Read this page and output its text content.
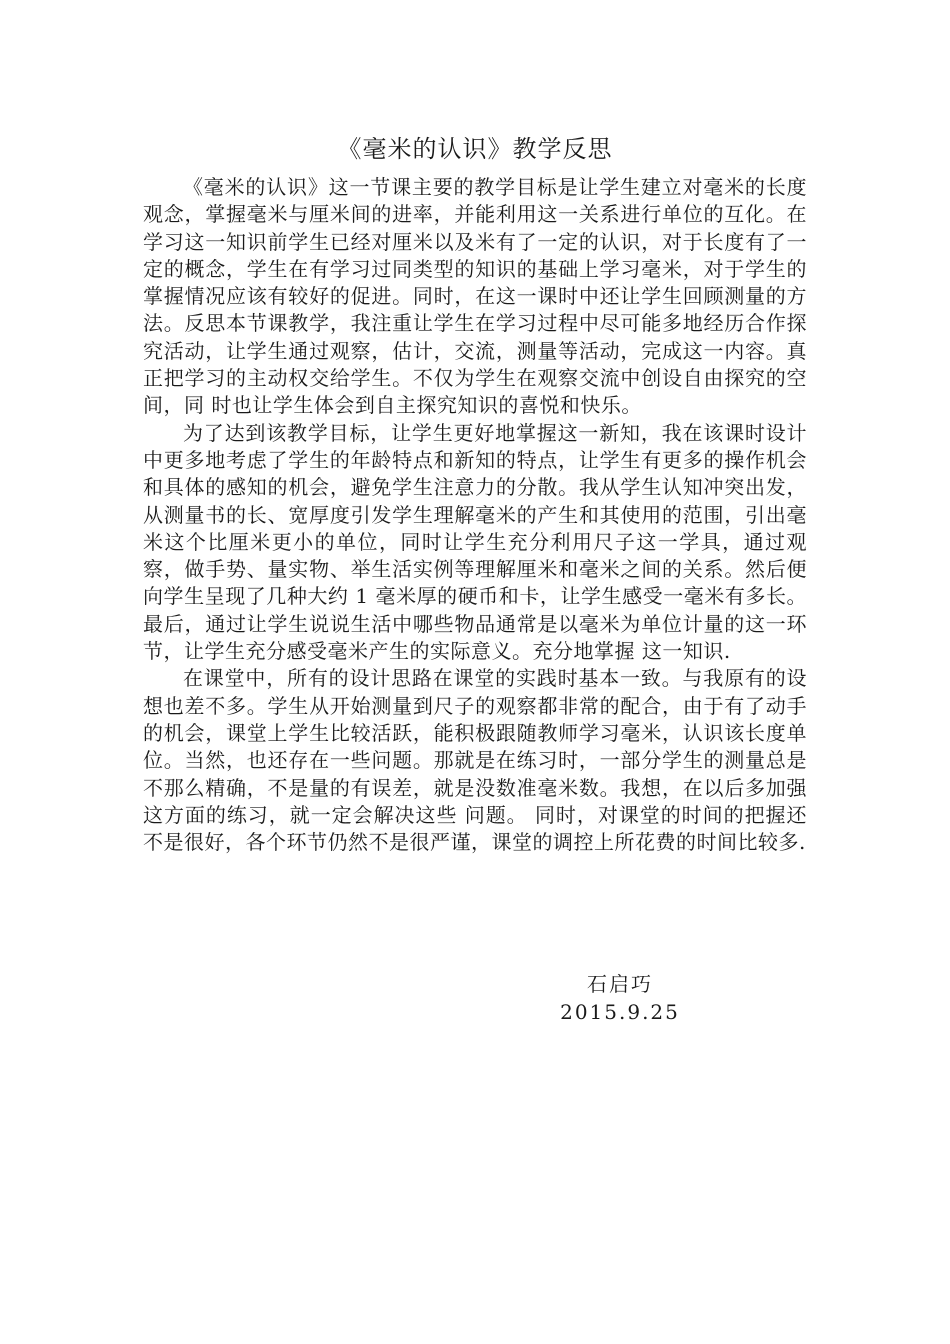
《毫米的认识》教学反思

《毫米的认识》这一节课主要的教学目标是让学生建立对毫米的长度观念，掌握毫米与厘米间的进率，并能利用这一关系进行单位的互化。在学习这一知识前学生已经对厘米以及米有了一定的认识，对于长度有了一定的概念，学生在有学习过同类型的知识的基础上学习毫米，对于学生的掌握情况应该有较好的促进。同时，在这一课时中还让学生回顾测量的方法。反思本节课教学，我注重让学生在学习过程中尽可能多地经历合作探究活动，让学生通过观察，估计，交流，测量等活动，完成这一内容。真正把学习的主动权交给学生。不仅为学生在观察交流中创设自由探究的空间，同 时也让学生体会到自主探究知识的喜悦和快乐。

为了达到该教学目标，让学生更好地掌握这一新知，我在该课时设计中更多地考虑了学生的年龄特点和新知的特点，让学生有更多的操作机会和具体的感知的机会，避免学生注意力的分散。我从学生认知冲突出发，从测量书的长、宽厚度引发学生理解毫米的产生和其使用的范围，引出毫米这个比厘米更小的单位，同时让学生充分利用尺子这一学具，通过观察，做手势、量实物、举生活实例等理解厘米和毫米之间的关系。然后便向学生呈现了几种大约 1 毫米厚的硬币和卡，让学生感受一毫米有多长。最后，通过让学生说说生活中哪些物品通常是以毫米为单位计量的这一环节，让学生充分感受毫米产生的实际意义。充分地掌握 这一知识.

在课堂中，所有的设计思路在课堂的实践时基本一致。与我原有的设想也差不多。学生从开始测量到尺子的观察都非常的配合，由于有了动手的机会，课堂上学生比较活跃，能积极跟随教师学习毫米，认识该长度单位。当然，也还存在一些问题。那就是在练习时，一部分学生的测量总是不那么精确，不是量的有误差，就是没数准毫米数。我想，在以后多加强这方面的练习，就一定会解决这些 问题。 同时，对课堂的时间的把握还不是很好，各个环节仍然不是很严谨，课堂的调控上所花费的时间比较多.

石启巧
2015.9.25
